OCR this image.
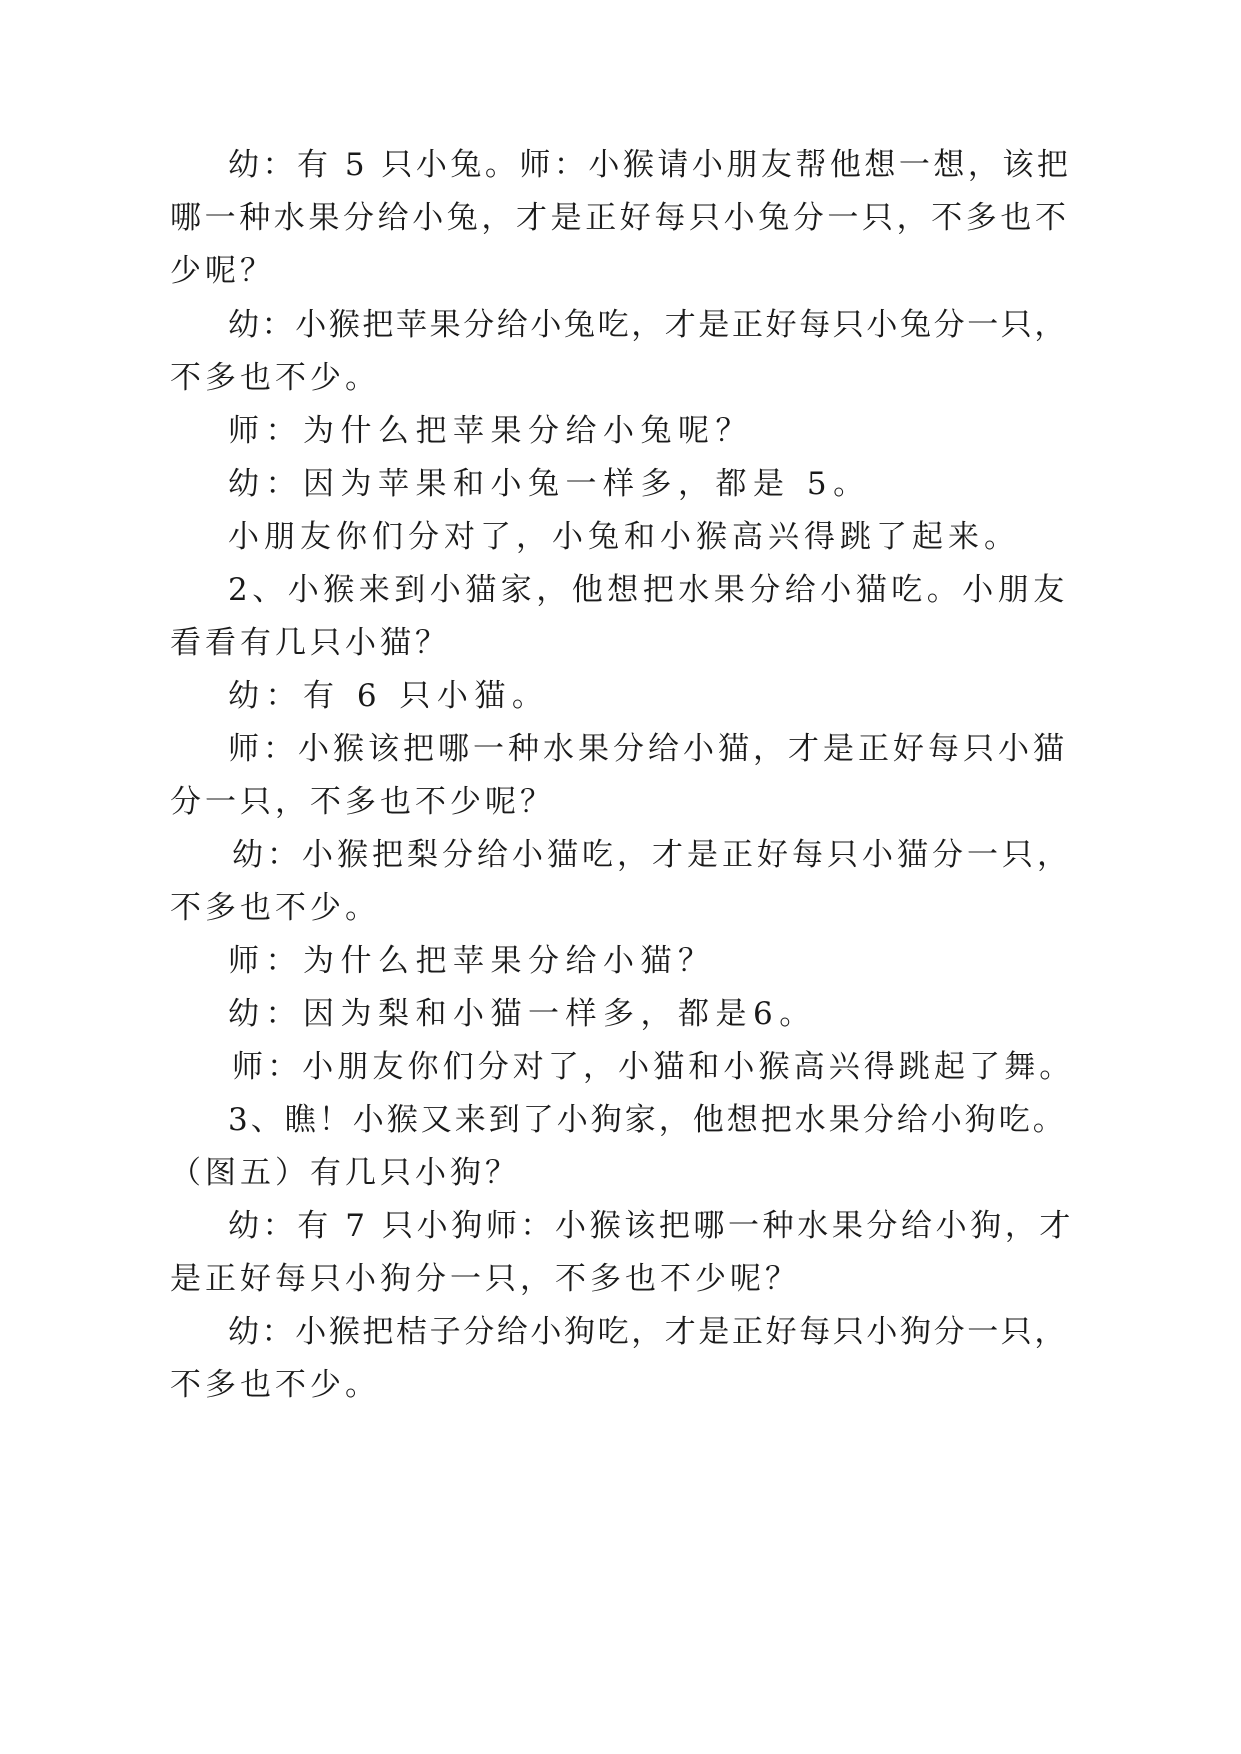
幼：有 5 只小兔。师：小猴请小朋友帮他想一想，该把
哪一种水果分给小兔，才是正好每只小兔分一只，不多也不
少呢？
幼：小猴把苹果分给小兔吃，才是正好每只小兔分一只，
不多也不少。
师：为什么把苹果分给小兔呢？
幼：因为苹果和小兔一样多，都是 5。
小朋友你们分对了，小兔和小猴高兴得跳了起来。
2、小猴来到小猫家，他想把水果分给小猫吃。小朋友
看看有几只小猫？
幼：有 6 只小猫。
师：小猴该把哪一种水果分给小猫，才是正好每只小猫
分一只，不多也不少呢？
幼：小猴把梨分给小猫吃，才是正好每只小猫分一只，
不多也不少。
师：为什么把苹果分给小猫？
幼：因为梨和小猫一样多，都是6。
师：小朋友你们分对了，小猫和小猴高兴得跳起了舞。
3、瞧！小猴又来到了小狗家，他想把水果分给小狗吃。
（图五）有几只小狗？
幼：有 7 只小狗师：小猴该把哪一种水果分给小狗，才
是正好每只小狗分一只，不多也不少呢？
幼：小猴把桔子分给小狗吃，才是正好每只小狗分一只，
不多也不少。
